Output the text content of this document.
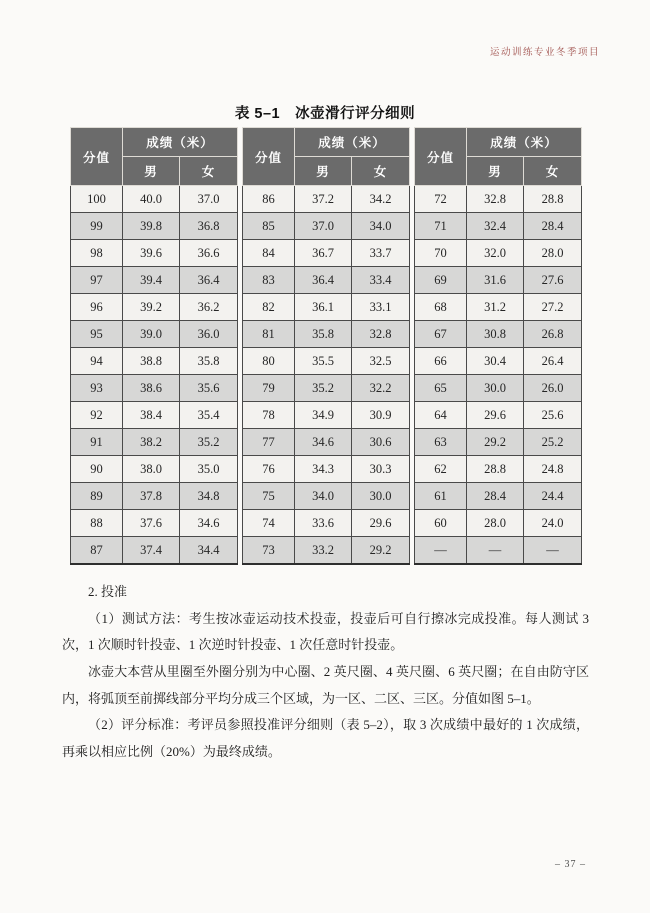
运动训练专业冬季项目
表 5–1　冰壶滑行评分细则
分值	成绩（米）	
	男	女
100	40.0	37.0
99	39.8	36.8
98	39.6	36.6
97	39.4	36.4
96	39.2	36.2
95	39.0	36.0
94	38.8	35.8
93	38.6	35.6
92	38.4	35.4
91	38.2	35.2
90	38.0	35.0
89	37.8	34.8
88	37.6	34.6
87	37.4	34.4
分值	成绩（米）	
	男	女
86	37.2	34.2
85	37.0	34.0
84	36.7	33.7
83	36.4	33.4
82	36.1	33.1
81	35.8	32.8
80	35.5	32.5
79	35.2	32.2
78	34.9	30.9
77	34.6	30.6
76	34.3	30.3
75	34.0	30.0
74	33.6	29.6
73	33.2	29.2
分值	成绩（米）	
	男	女
72	32.8	28.8
71	32.4	28.4
70	32.0	28.0
69	31.6	27.6
68	31.2	27.2
67	30.8	26.8
66	30.4	26.4
65	30.0	26.0
64	29.6	25.6
63	29.2	25.2
62	28.8	24.8
61	28.4	24.4
60	28.0	24.0
—	—	—

2. 投准

（1）测试方法：考生按冰壶运动技术投壶，投壶后可自行擦冰完成投准。每人测试 3 次，1 次顺时针投壶、1 次逆时针投壶、1 次任意时针投壶。

冰壶大本营从里圈至外圈分别为中心圈、2 英尺圈、4 英尺圈、6 英尺圈；在自由防守区内，将弧顶至前掷线部分平均分成三个区域，为一区、二区、三区。分值如图 5–1。

（2）评分标准：考评员参照投准评分细则（表 5–2），取 3 次成绩中最好的 1 次成绩，再乘以相应比例（20%）为最终成绩。

– 37 –
